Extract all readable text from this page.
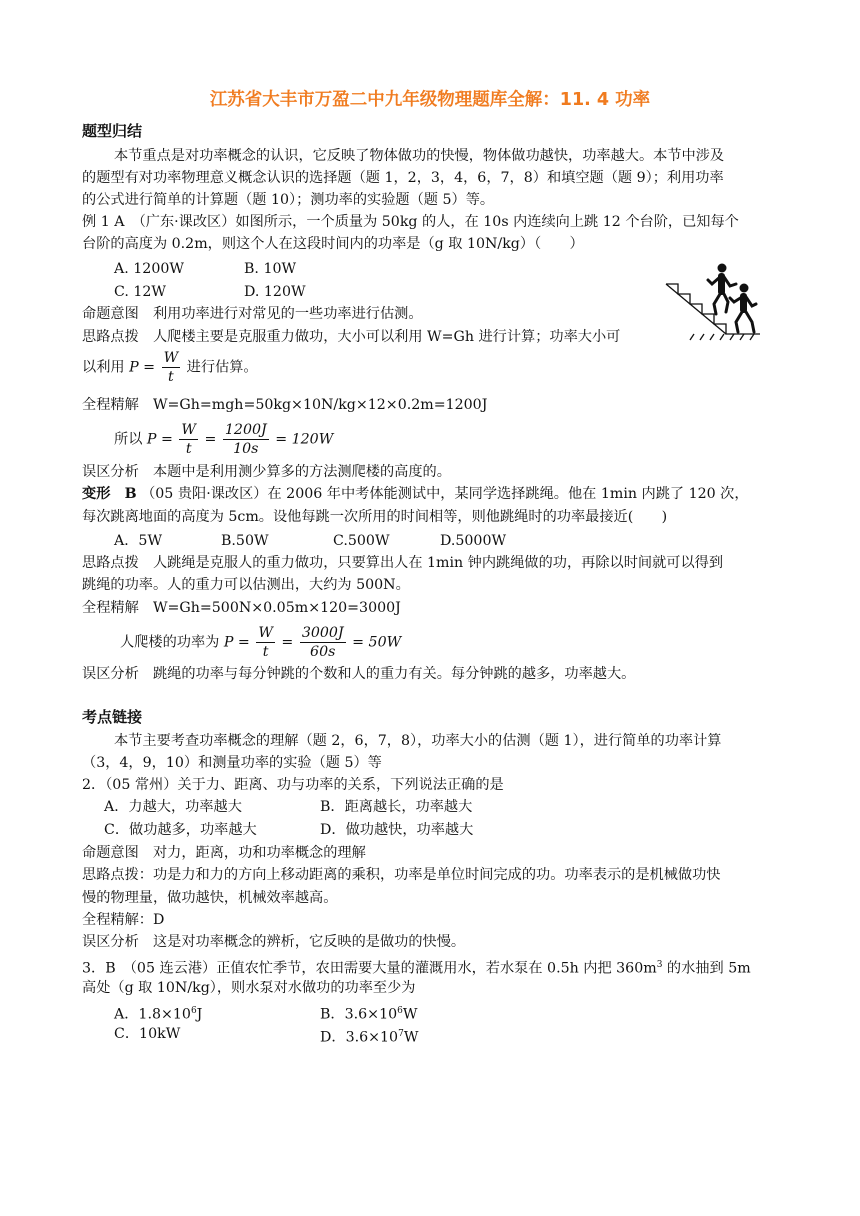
江苏省大丰市万盈二中九年级物理题库全解：11. 4 功率
题型归结
本节重点是对功率概念的认识，它反映了物体做功的快慢，物体做功越快，功率越大。本节中涉及
的题型有对功率物理意义概念认识的选择题（题 1，2，3，4，6，7，8）和填空题（题 9）；利用功率
的公式进行简单的计算题（题 10）；测功率的实验题（题 5）等。
例 1 A　（广东·课改区）如图所示，一个质量为 50kg 的人，在 10s 内连续向上跳 12 个台阶，已知每个
台阶的高度为 0.2m，则这个人在这段时间内的功率是（g 取 10N/kg）（　　）
A. 1200W	B. 10W
C. 12W	D. 120W
命题意图　利用功率进行对常见的一些功率进行估测。
思路点拨　人爬楼主要是克服重力做功，大小可以利用 W=Gh 进行计算；功率大小可
以利用 $P = \frac{W}{t}$ 进行估算。
全程精解　W=Gh=mgh=50kg×10N/kg×12×0.2m=1200J
所以 $P = \frac{W}{t} = \frac{1200J}{10s} = 120W$
误区分析　本题中是利用测少算多的方法测爬楼的高度的。
变形　B （05 贵阳·课改区）在 2006 年中考体能测试中，某同学选择跳绳。他在 1min 内跳了 120 次，
每次跳离地面的高度为 5cm。设他每跳一次所用的时间相等，则他跳绳时的功率最接近(　　)
A．5W	B.50W	C.500W	D.5000W
思路点拨　人跳绳是克服人的重力做功，只要算出人在 1min 钟内跳绳做的功，再除以时间就可以得到
跳绳的功率。人的重力可以估测出，大约为 500N。
全程精解　W=Gh=500N×0.05m×120=3000J
人爬楼的功率为 $P = \frac{W}{t} = \frac{3000J}{60s} = 50W$
误区分析　跳绳的功率与每分钟跳的个数和人的重力有关。每分钟跳的越多，功率越大。
考点链接
本节主要考查功率概念的理解（题 2，6，7，8），功率大小的估测（题 1），进行简单的功率计算
（3，4，9，10）和测量功率的实验（题 5）等
2．（05 常州）关于力、距离、功与功率的关系，下列说法正确的是
A．力越大，功率越大	B．距离越长，功率越大
C．做功越多，功率越大	D．做功越快，功率越大
命题意图　对力，距离，功和功率概念的理解
思路点拨：功是力和力的方向上移动距离的乘积，功率是单位时间完成的功。功率表示的是机械做功快
慢的物理量，做功越快，机械效率越高。
全程精解：D
误区分析　这是对功率概念的辨析，它反映的是做功的快慢。
3．B　（05 连云港）正值农忙季节，农田需要大量的灌溉用水，若水泵在 0.5h 内把 $360m^3$ 的水抽到 5m
高处（g 取 10N/kg），则水泵对水做功的功率至少为
A．$1.8\times 10^6J$	B．$3.6\times 10^6W$
C．10kW	D．$3.6\times 10^7W$
